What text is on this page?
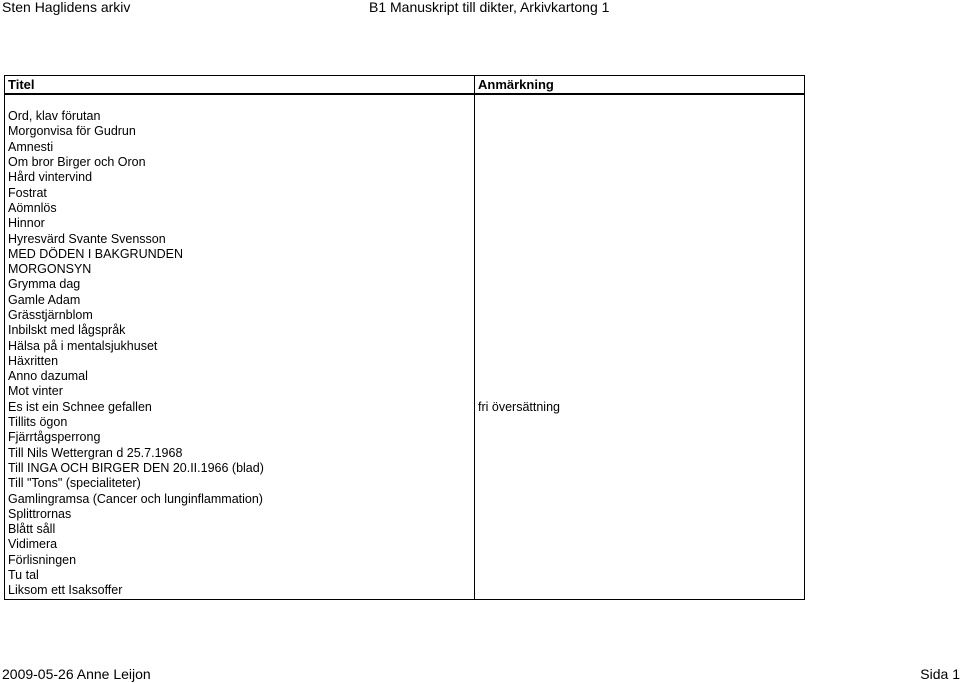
Sten Haglidens arkiv	B1 Manuskript till dikter, Arkivkartong 1
Titel	Anmärkning

Ord, klav förutan	
Morgonvisa för Gudrun	
Amnesti	
Om bror Birger och Oron	
Hård vintervind	
Fostrat	
Aömnlös	
Hinnor	
Hyresvärd Svante Svensson	
MED DÖDEN I BAKGRUNDEN	
MORGONSYN	
Grymma dag	
Gamle Adam	
Grässtjärnblom	
Inbilskt med lågspråk	
Hälsa på i mentalsjukhuset	
Häxritten	
Anno dazumal	
Mot vinter	
Es ist ein Schnee gefallen	fri översättning
Tillits ögon	
Fjärrtågsperrong	
Till Nils Wettergran d 25.7.1968	
Till INGA OCH BIRGER DEN 20.II.1966 (blad)	
Till "Tons" (specialiteter)	
Gamlingramsa (Cancer och lunginflammation)	
Splittrornas	
Blått såll	
Vidimera	
Förlisningen	
Tu tal	
Liksom ett Isaksoffer	
2009-05-26 Anne Leijon	Sida 1
